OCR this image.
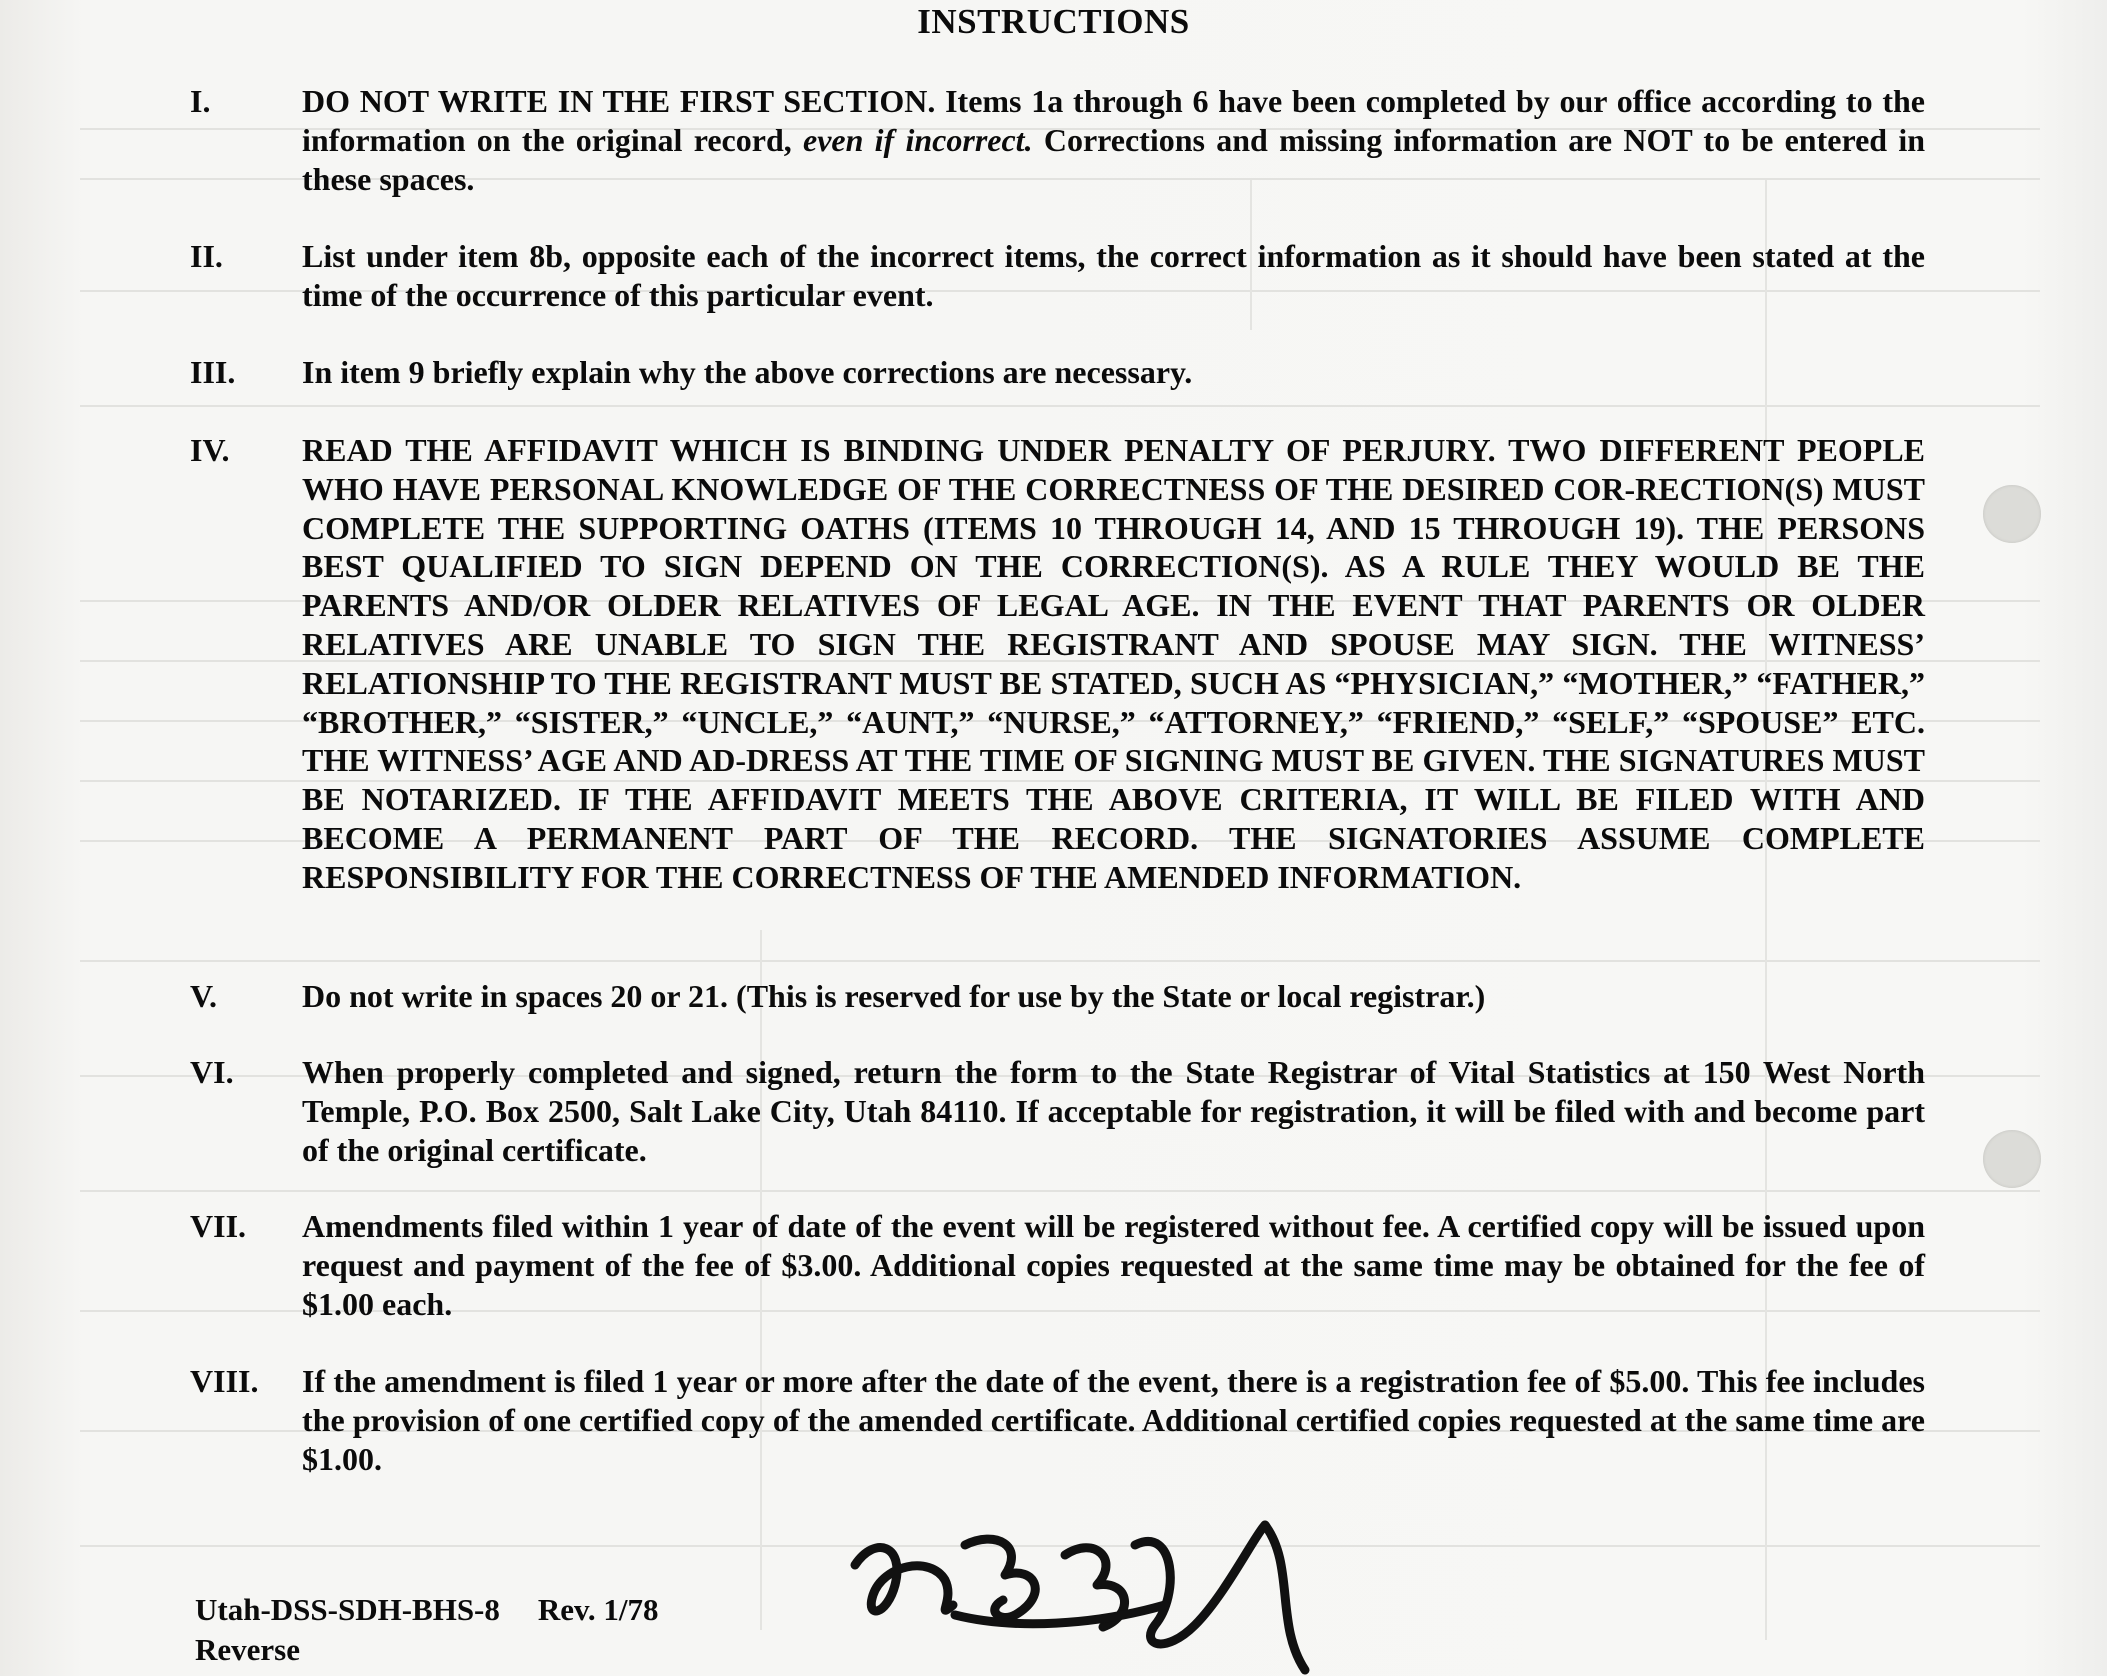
INSTRUCTIONS
I.	DO NOT WRITE IN THE FIRST SECTION. Items 1a through 6 have been completed by our office according to the information on the original record, even if incorrect. Corrections and missing information are NOT to be entered in these spaces.
II.	List under item 8b, opposite each of the incorrect items, the correct information as it should have been stated at the time of the occurrence of this particular event.
III.	In item 9 briefly explain why the above corrections are necessary.
IV.	READ THE AFFIDAVIT WHICH IS BINDING UNDER PENALTY OF PERJURY. TWO DIFFERENT PEOPLE WHO HAVE PERSONAL KNOWLEDGE OF THE CORRECTNESS OF THE DESIRED COR-RECTION(S) MUST COMPLETE THE SUPPORTING OATHS (ITEMS 10 THROUGH 14, AND 15 THROUGH 19). THE PERSONS BEST QUALIFIED TO SIGN DEPEND ON THE CORRECTION(S). AS A RULE THEY WOULD BE THE PARENTS AND/OR OLDER RELATIVES OF LEGAL AGE. IN THE EVENT THAT PARENTS OR OLDER RELATIVES ARE UNABLE TO SIGN THE REGISTRANT AND SPOUSE MAY SIGN. THE WITNESS’ RELATIONSHIP TO THE REGISTRANT MUST BE STATED, SUCH AS “PHYSICIAN,” “MOTHER,” “FATHER,” “BROTHER,” “SISTER,” “UNCLE,” “AUNT,” “NURSE,” “ATTORNEY,” “FRIEND,” “SELF,” “SPOUSE” ETC. THE WITNESS’ AGE AND AD-DRESS AT THE TIME OF SIGNING MUST BE GIVEN. THE SIGNATURES MUST BE NOTARIZED. IF THE AFFIDAVIT MEETS THE ABOVE CRITERIA, IT WILL BE FILED WITH AND BECOME A PERMANENT PART OF THE RECORD. THE SIGNATORIES ASSUME COMPLETE RESPONSIBILITY FOR THE CORRECTNESS OF THE AMENDED INFORMATION.
V.	Do not write in spaces 20 or 21. (This is reserved for use by the State or local registrar.)
VI.	When properly completed and signed, return the form to the State Registrar of Vital Statistics at 150 West North Temple, P.O. Box 2500, Salt Lake City, Utah 84110. If acceptable for registration, it will be filed with and become part of the original certificate.
VII.	Amendments filed within 1 year of date of the event will be registered without fee. A certified copy will be issued upon request and payment of the fee of $3.00. Additional copies requested at the same time may be obtained for the fee of $1.00 each.
VIII.	If the amendment is filed 1 year or more after the date of the event, there is a registration fee of $5.00. This fee includes the provision of one certified copy of the amended certificate. Additional certified copies requested at the same time are $1.00.
Utah-DSS-SDH-BHS-8 Rev. 1/78
Reverse
